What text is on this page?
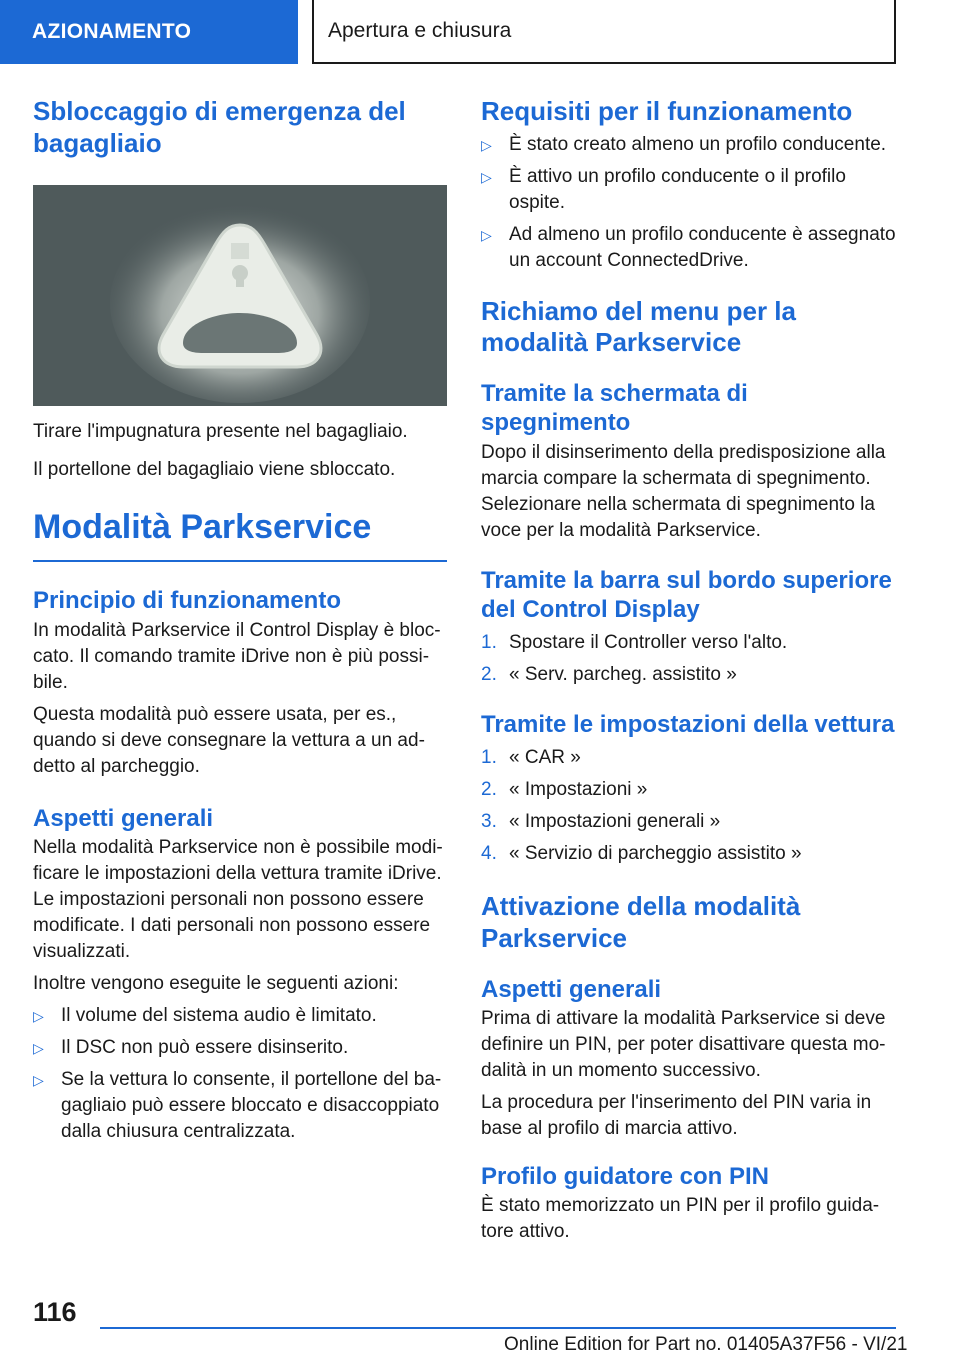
AZIONAMENTO	Apertura e chiusura
Sbloccaggio di emergenza del bagagliaio

Tirare l'impugnatura presente nel bagagliaio.

Il portellone del bagagliaio viene sbloccato.

Modalità Parkservice
Principio di funzionamento

In modalità Parkservice il Control Display è bloccato. Il comando tramite iDrive non è più possibile.

Questa modalità può essere usata, per es., quando si deve consegnare la vettura a un addetto al parcheggio.

Aspetti generali

Nella modalità Parkservice non è possibile modificare le impostazioni della vettura tramite iDrive. Le impostazioni personali non possono essere modificate. I dati personali non possono essere visualizzati.

Inoltre vengono eseguite le seguenti azioni:

▷ Il volume del sistema audio è limitato.
▷ Il DSC non può essere disinserito.
▷ Se la vettura lo consente, il portellone del bagagliaio può essere bloccato e disaccoppiato dalla chiusura centralizzata.
Requisiti per il funzionamento
▷ È stato creato almeno un profilo conducente.
▷ È attivo un profilo conducente o il profilo ospite.
▷ Ad almeno un profilo conducente è assegnato un account ConnectedDrive.
Richiamo del menu per la modalità Parkservice
Tramite la schermata di spegnimento

Dopo il disinserimento della predisposizione alla marcia compare la schermata di spegnimento. Selezionare nella schermata di spegnimento la voce per la modalità Parkservice.

Tramite la barra sul bordo superiore del Control Display
1. Spostare il Controller verso l'alto.
2. « Serv. parcheg. assistito »
Tramite le impostazioni della vettura
1. « CAR »
2. « Impostazioni »
3. « Impostazioni generali »
4. « Servizio di parcheggio assistito »
Attivazione della modalità Parkservice
Aspetti generali

Prima di attivare la modalità Parkservice si deve definire un PIN, per poter disattivare questa modalità in un momento successivo.

La procedura per l'inserimento del PIN varia in base al profilo di marcia attivo.

Profilo guidatore con PIN

È stato memorizzato un PIN per il profilo guidatore attivo.

116
Online Edition for Part no. 01405A37F56 - VI/21
